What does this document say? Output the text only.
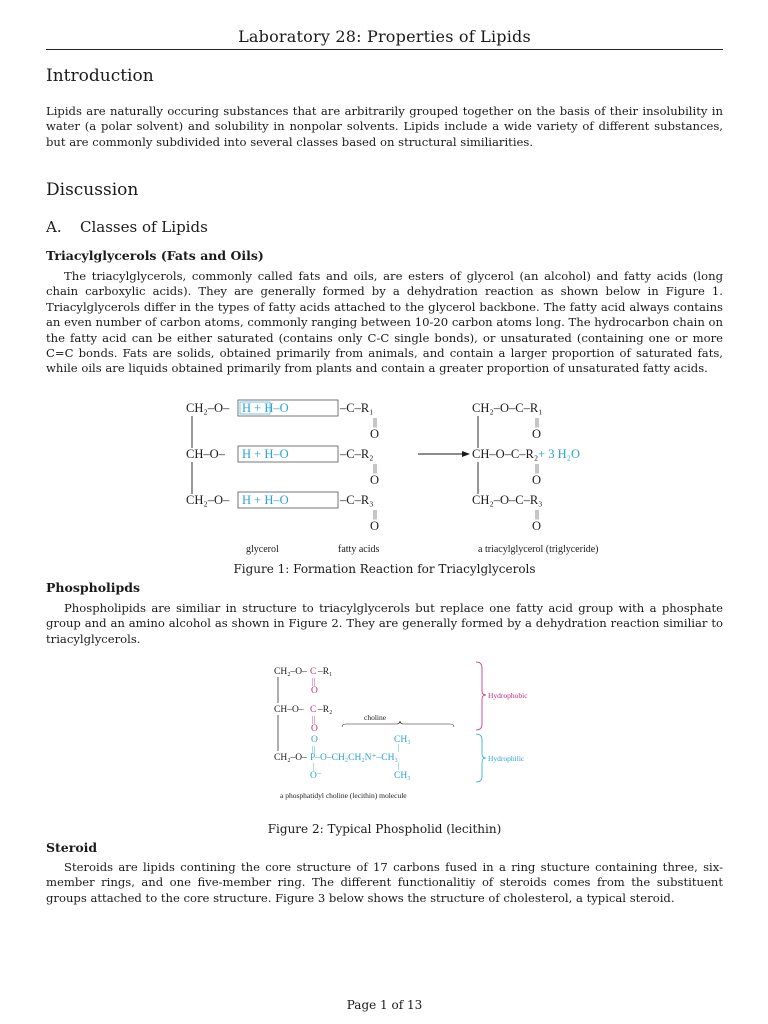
Laboratory 28: Properties of Lipids
Introduction

Lipids are naturally occuring substances that are arbitrarily grouped together on the basis of their insolubility in water (a polar solvent) and solubility in nonpolar solvents. Lipids include a wide variety of different substances, but are commonly subdivided into several classes based on structural similiarities.

Discussion
A. Classes of Lipids
Triacylglycerols (Fats and Oils)

The triacylglycerols, commonly called fats and oils, are esters of glycerol (an alcohol) and fatty acids (long chain carboxylic acids). They are generally formed by a dehydration reaction as shown below in Figure 1. Triacylglycerols differ in the types of fatty acids attached to the glycerol backbone. The fatty acid always contains an even number of carbon atoms, commonly ranging between 10-20 carbon atoms long. The hydrocarbon chain on the fatty acid can be either saturated (contains only C-C single bonds), or unsaturated (containing one or more C=C bonds. Fats are solids, obtained primarily from animals, and contain a larger proportion of saturated fats, while oils are liquids obtained primarily from plants and contain a greater proportion of unsaturated fatty acids.

CH₂–O– H + H–O	–C–R₁
||
O
CH–O– H + H–O	–C–R₂
||
O
CH₂–O– H + H–O	–C–R₃
||
O
CH₂–O–C–R₁
||
O
CH–O–C–R₂
||
O
CH₂–O–C–R₃
||
O
+ 3 H₂O
glycerol	fatty acids	a triacylglycerol (triglyceride)
Figure 1: Formation Reaction for Triacylglycerols
Phospholipds

Phospholipids are similiar in structure to triacylglycerols but replace one fatty acid group with a phosphate group and an amino alcohol as shown in Figure 2. They are generally formed by a dehydration reaction similiar to triacylglycerols.

CH₂–O– C –R₁
||
O
CH–O– C –R₂
||
O
choline
O
||
CH₃
CH₂–O– P–O–CH₂CH₂N⁺–CH₃
|
|
CH₃
|
O⁻
Hydrophobic
Hydrophilic
a phosphatidyl choline (lecithin) molecule
Figure 2: Typical Phospholid (lecithin)
Steroid

Steroids are lipids contining the core structure of 17 carbons fused in a ring stucture containing three, six-member rings, and one five-member ring. The different functionalitiy of steroids comes from the substituent groups attached to the core structure. Figure 3 below shows the structure of cholesterol, a typical steroid.

Page 1 of 13
